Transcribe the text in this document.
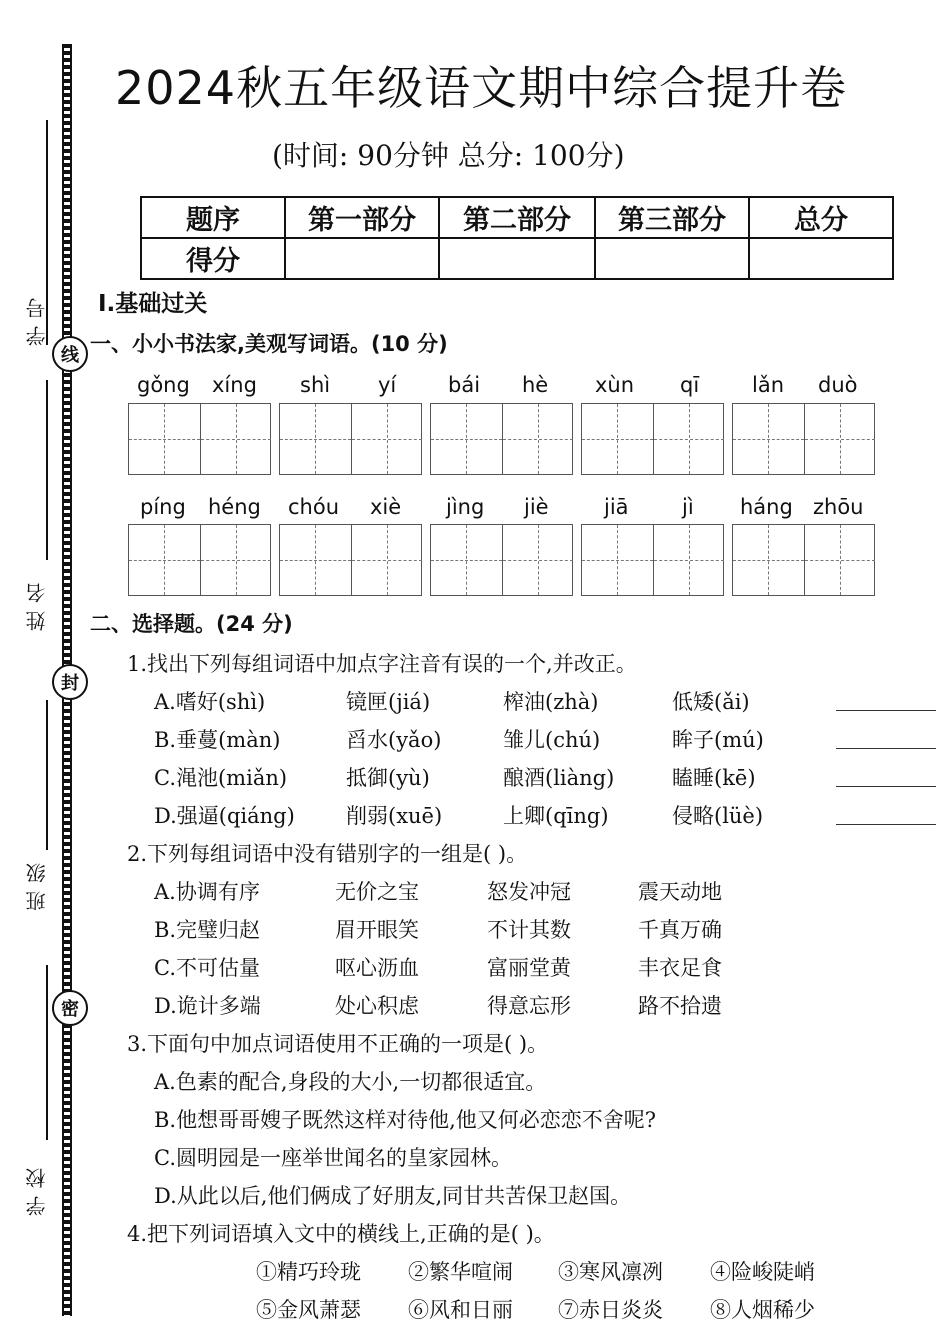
学号
姓名
班级
学校
线
封
密
2024秋五年级语文期中综合提升卷
(时间: 90分钟 总分: 100分)
题序	第一部分	第二部分	第三部分	总分
得分				
Ⅰ.基础过关
一、小小书法家,美观写词语。(10 分)
gǒng xíng shì yí bái hè xùn qī	lǎn duò
píng héng chóu xiè jìng jiè	jiā	jì háng zhōu
二、选择题。(24 分)
1.找出下列每组词语中加点字注音有误的一个,并改正。
A.嗜好(shì)	镜匣(jiá)	榨油(zhà)	低矮(ǎi)
B.垂蔓(màn)	舀水(yǎo)	雏儿(chú)	眸子(mú)
C.渑池(miǎn)	抵御(yù)	酿酒(liàng)	瞌睡(kē)
D.强逼(qiáng) 削弱(xuē)	上卿(qīng)	侵略(lüè)
2.下列每组词语中没有错别字的一组是( )。
A.协调有序	无价之宝	怒发冲冠	震天动地
B.完璧归赵	眉开眼笑	不计其数	千真万确
C.不可估量	呕心沥血	富丽堂黄	丰衣足食
D.诡计多端	处心积虑	得意忘形	路不拾遗
3.下面句中加点词语使用不正确的一项是( )。
A.色素的配合,身段的大小,一切都很适宜。
B.他想哥哥嫂子既然这样对待他,他又何必恋恋不舍呢?
C.圆明园是一座举世闻名的皇家园林。
D.从此以后,他们俩成了好朋友,同甘共苦保卫赵国。
4.把下列词语填入文中的横线上,正确的是( )。
①精巧玲珑 ②繁华喧闹 ③寒风凛冽 ④险峻陡峭
⑤金风萧瑟 ⑥风和日丽 ⑦赤日炎炎 ⑧人烟稀少
